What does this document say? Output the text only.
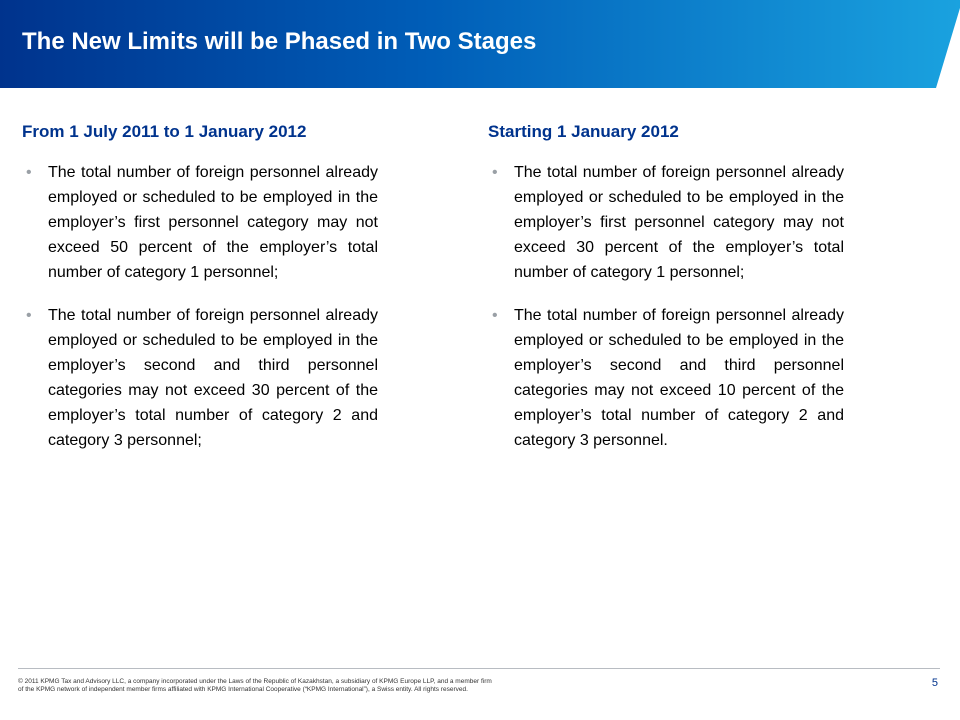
The New Limits will be Phased in Two Stages
From 1 July 2011 to 1 January 2012
• The total number of foreign personnel already employed or scheduled to be employed in the employer’s first personnel category may not exceed 50 percent of the employer’s total number of category 1 personnel;
• The total number of foreign personnel already employed or scheduled to be employed in the employer’s second and third personnel categories may not exceed 30 percent of the employer’s total number of category 2 and category 3 personnel;
Starting 1 January 2012
• The total number of foreign personnel already employed or scheduled to be employed in the employer’s first personnel category may not exceed 30 percent of the employer’s total number of category 1 personnel;
• The total number of foreign personnel already employed or scheduled to be employed in the employer’s second and third personnel categories may not exceed 10 percent of the employer’s total number of category 2 and category 3 personnel.

© 2011 KPMG Tax and Advisory LLC, a company incorporated under the Laws of the Republic of Kazakhstan, a subsidiary of KPMG Europe LLP, and a member firm
of the KPMG network of independent member firms affiliated with KPMG International Cooperative (“KPMG International”), a Swiss entity. All rights reserved.

5
